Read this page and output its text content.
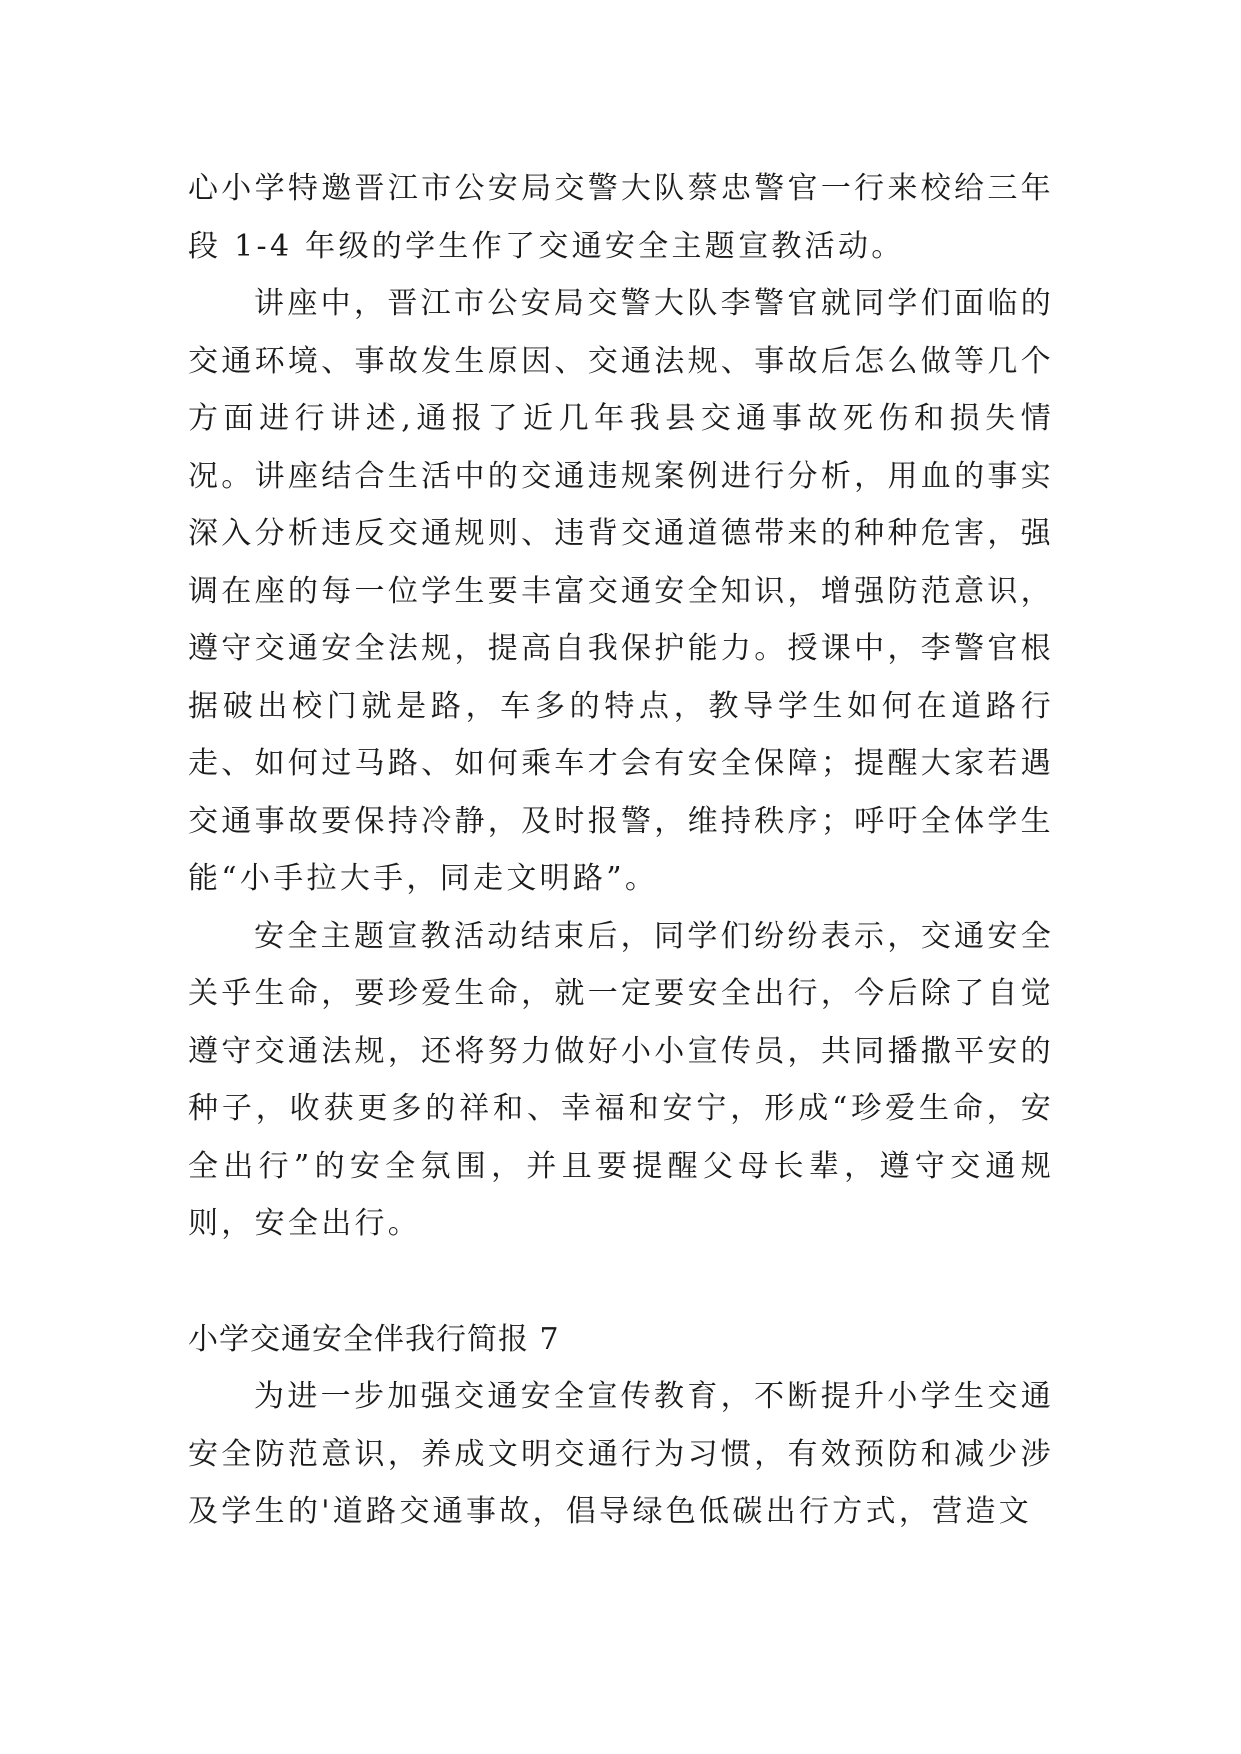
心小学特邀晋江市公安局交警大队蔡忠警官一行来校给三年段 1-4 年级的学生作了交通安全主题宣教活动。

讲座中，晋江市公安局交警大队李警官就同学们面临的交通环境、事故发生原因、交通法规、事故后怎么做等几个方面进行讲述,通报了近几年我县交通事故死伤和损失情况。讲座结合生活中的交通违规案例进行分析，用血的事实深入分析违反交通规则、违背交通道德带来的种种危害，强调在座的每一位学生要丰富交通安全知识，增强防范意识，遵守交通安全法规，提高自我保护能力。授课中，李警官根据破出校门就是路，车多的特点，教导学生如何在道路行走、如何过马路、如何乘车才会有安全保障；提醒大家若遇交通事故要保持冷静，及时报警，维持秩序；呼吁全体学生能“小手拉大手，同走文明路”。

安全主题宣教活动结束后，同学们纷纷表示，交通安全关乎生命，要珍爱生命，就一定要安全出行，今后除了自觉遵守交通法规，还将努力做好小小宣传员，共同播撒平安的种子，收获更多的祥和、幸福和安宁，形成“珍爱生命，安全出行”的安全氛围，并且要提醒父母长辈，遵守交通规则，安全出行。

小学交通安全伴我行简报 7

为进一步加强交通安全宣传教育，不断提升小学生交通安全防范意识，养成文明交通行为习惯，有效预防和减少涉及学生的'道路交通事故，倡导绿色低碳出行方式，营造文
